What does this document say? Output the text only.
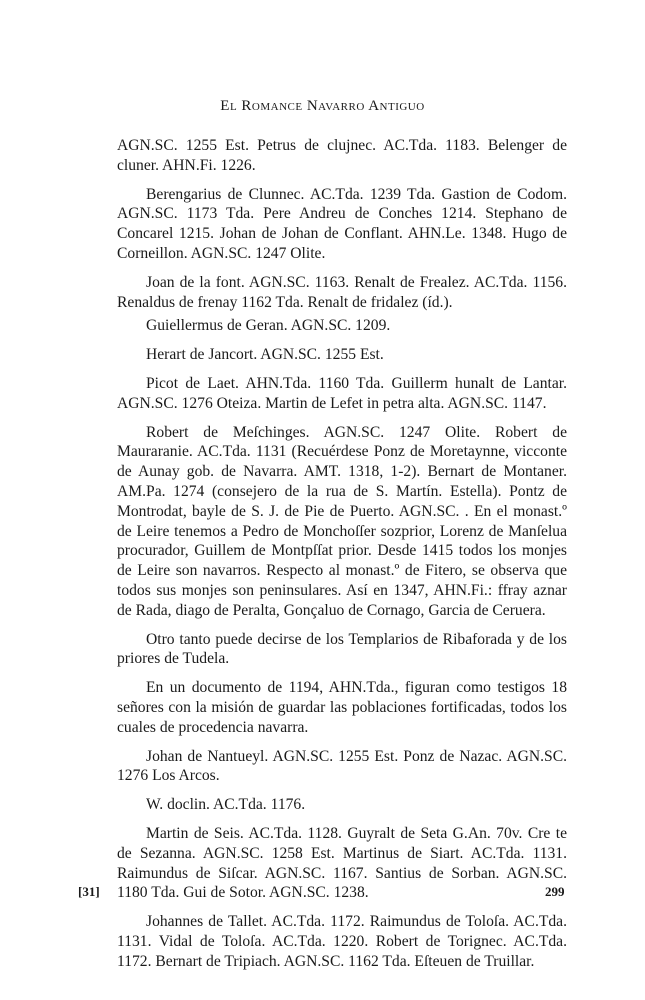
El Romance Navarro Antiguo

AGN.SC. 1255 Est. Petrus de clujnec. AC.Tda. 1183. Belenger de cluner. AHN.Fi. 1226.

Berengarius de Clunnec. AC.Tda. 1239 Tda. Gastion de Codom. AGN.SC. 1173 Tda. Pere Andreu de Conches 1214. Stephano de Concarel 1215. Johan de Johan de Conflant. AHN.Le. 1348. Hugo de Corneillon. AGN.SC. 1247 Olite.

Joan de la font. AGN.SC. 1163. Renalt de Frealez. AC.Tda. 1156. Renaldus de frenay 1162 Tda. Renalt de fridalez (íd.).

Guiellermus de Geran. AGN.SC. 1209.

Herart de Jancort. AGN.SC. 1255 Est.

Picot de Laet. AHN.Tda. 1160 Tda. Guillerm hunalt de Lantar. AGN.SC. 1276 Oteiza. Martin de Lefet in petra alta. AGN.SC. 1147.

Robert de Meſchinges. AGN.SC. 1247 Olite. Robert de Mauraranie. AC.Tda. 1131 (Recuérdese Ponz de Moretaynne, vicconte de Aunay gob. de Navarra. AMT. 1318, 1-2). Bernart de Montaner. AM.Pa. 1274 (consejero de la rua de S. Martín. Estella). Pontz de Montrodat, bayle de S. J. de Pie de Puerto. AGN.SC. . En el monast.º de Leire tenemos a Pedro de Monchoſſer sozprior, Lorenz de Manſelua procurador, Guillem de Montpſſat prior. Desde 1415 todos los monjes de Leire son navarros. Respecto al monast.º de Fitero, se observa que todos sus monjes son peninsulares. Así en 1347, AHN.Fi.: ffray aznar de Rada, diago de Peralta, Gonçaluo de Cornago, Garcia de Ceruera.

Otro tanto puede decirse de los Templarios de Ribaforada y de los priores de Tudela.

En un documento de 1194, AHN.Tda., figuran como testigos 18 señores con la misión de guardar las poblaciones fortificadas, todos los cuales de procedencia navarra.

Johan de Nantueyl. AGN.SC. 1255 Est. Ponz de Nazac. AGN.SC. 1276 Los Arcos.

W. doclin. AC.Tda. 1176.

Martin de Seis. AC.Tda. 1128. Guyralt de Seta G.An. 70v. Cre te de Sezanna. AGN.SC. 1258 Est. Martinus de Siart. AC.Tda. 1131. Raimundus de Siſcar. AGN.SC. 1167. Santius de Sorban. AGN.SC. 1180 Tda. Gui de Sotor. AGN.SC. 1238.

Johannes de Tallet. AC.Tda. 1172. Raimundus de Toloſa. AC.Tda. 1131. Vidal de Toloſa. AC.Tda. 1220. Robert de Torignec. AC.Tda. 1172. Bernart de Tripiach. AGN.SC. 1162 Tda. Eſteuen de Truillar.

[31]	299
